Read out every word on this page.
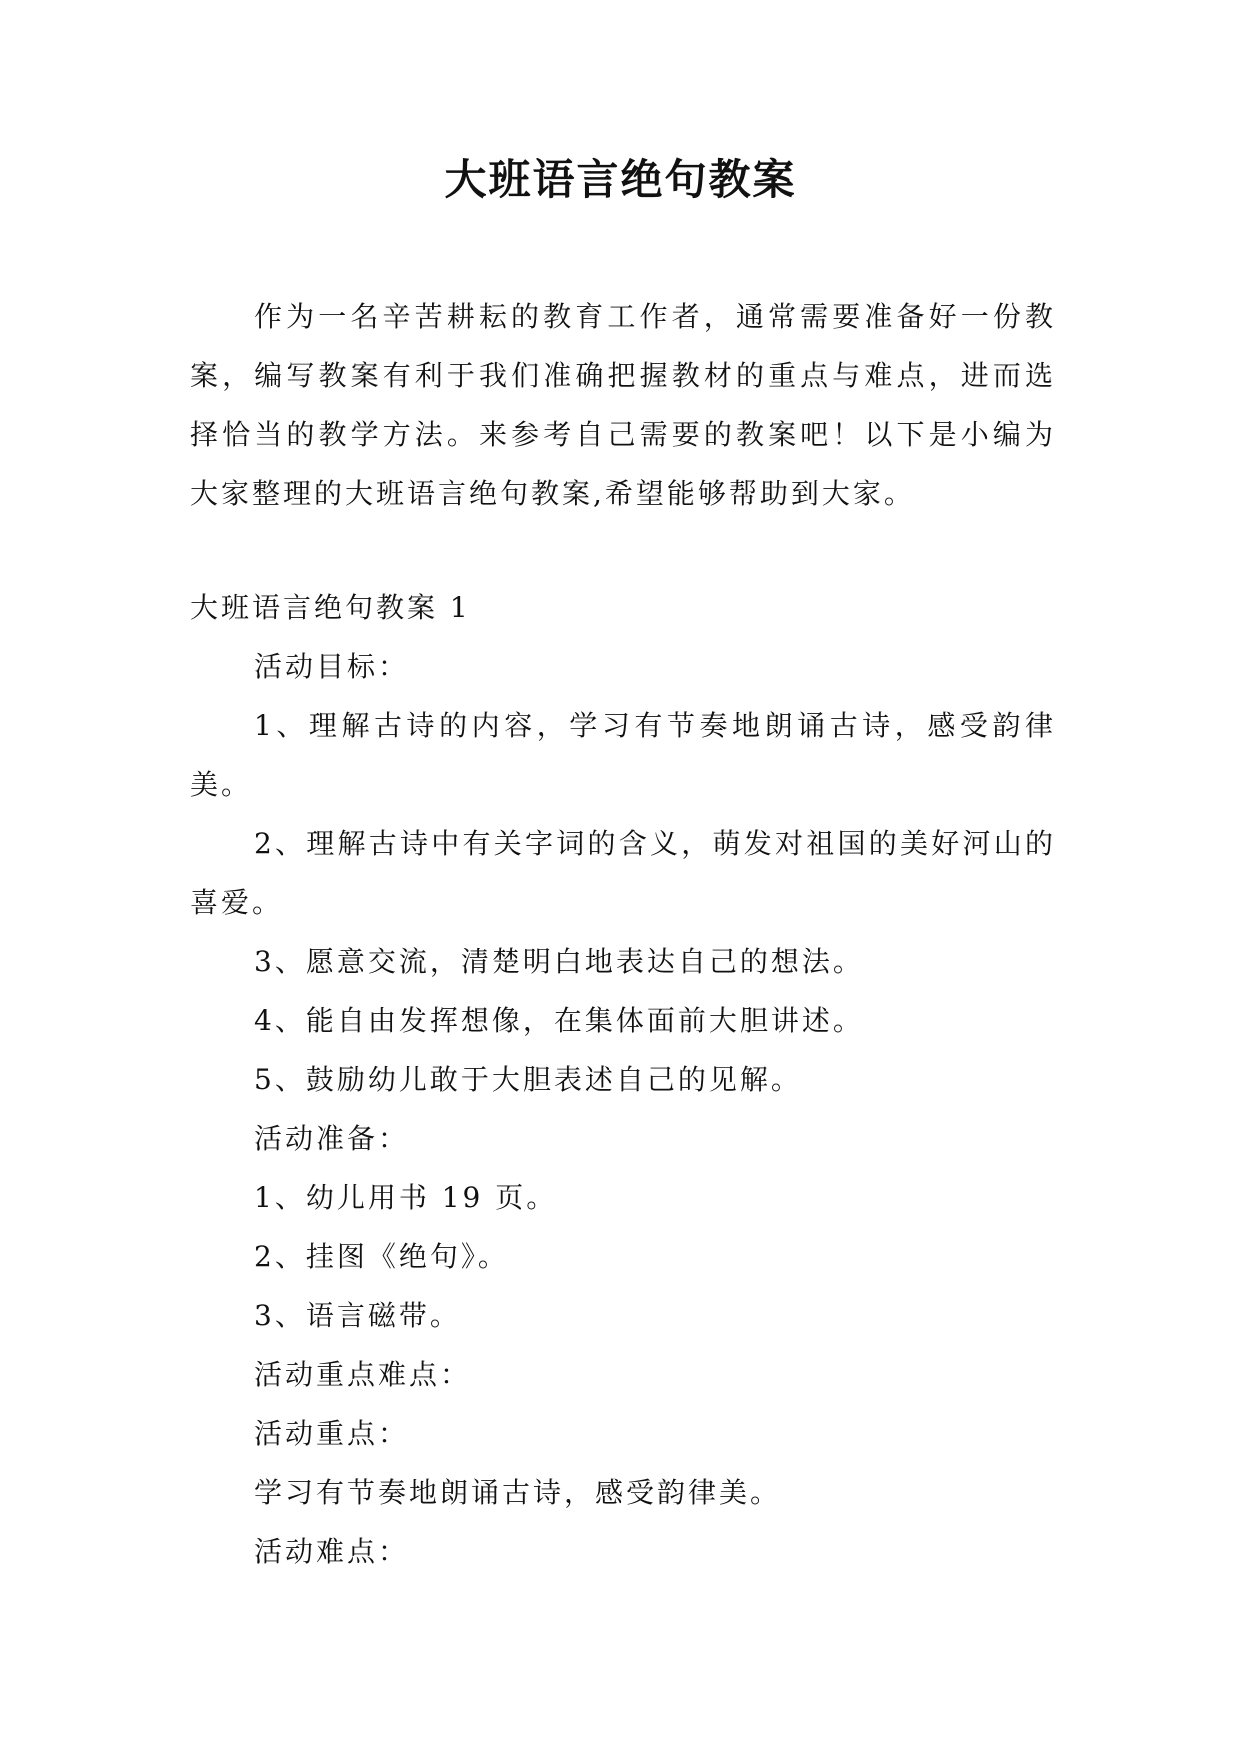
大班语言绝句教案
作为一名辛苦耕耘的教育工作者，通常需要准备好一份教案，编写教案有利于我们准确把握教材的重点与难点，进而选择恰当的教学方法。来参考自己需要的教案吧！以下是小编为大家整理的大班语言绝句教案,希望能够帮助到大家。

大班语言绝句教案 1

活动目标：

1、理解古诗的内容，学习有节奏地朗诵古诗，感受韵律美。

2、理解古诗中有关字词的含义，萌发对祖国的美好河山的喜爱。

3、愿意交流，清楚明白地表达自己的想法。

4、能自由发挥想像，在集体面前大胆讲述。

5、鼓励幼儿敢于大胆表述自己的见解。

活动准备：

1、幼儿用书 19 页。

2、挂图《绝句》。

3、语言磁带。

活动重点难点：

活动重点：

学习有节奏地朗诵古诗，感受韵律美。

活动难点：
